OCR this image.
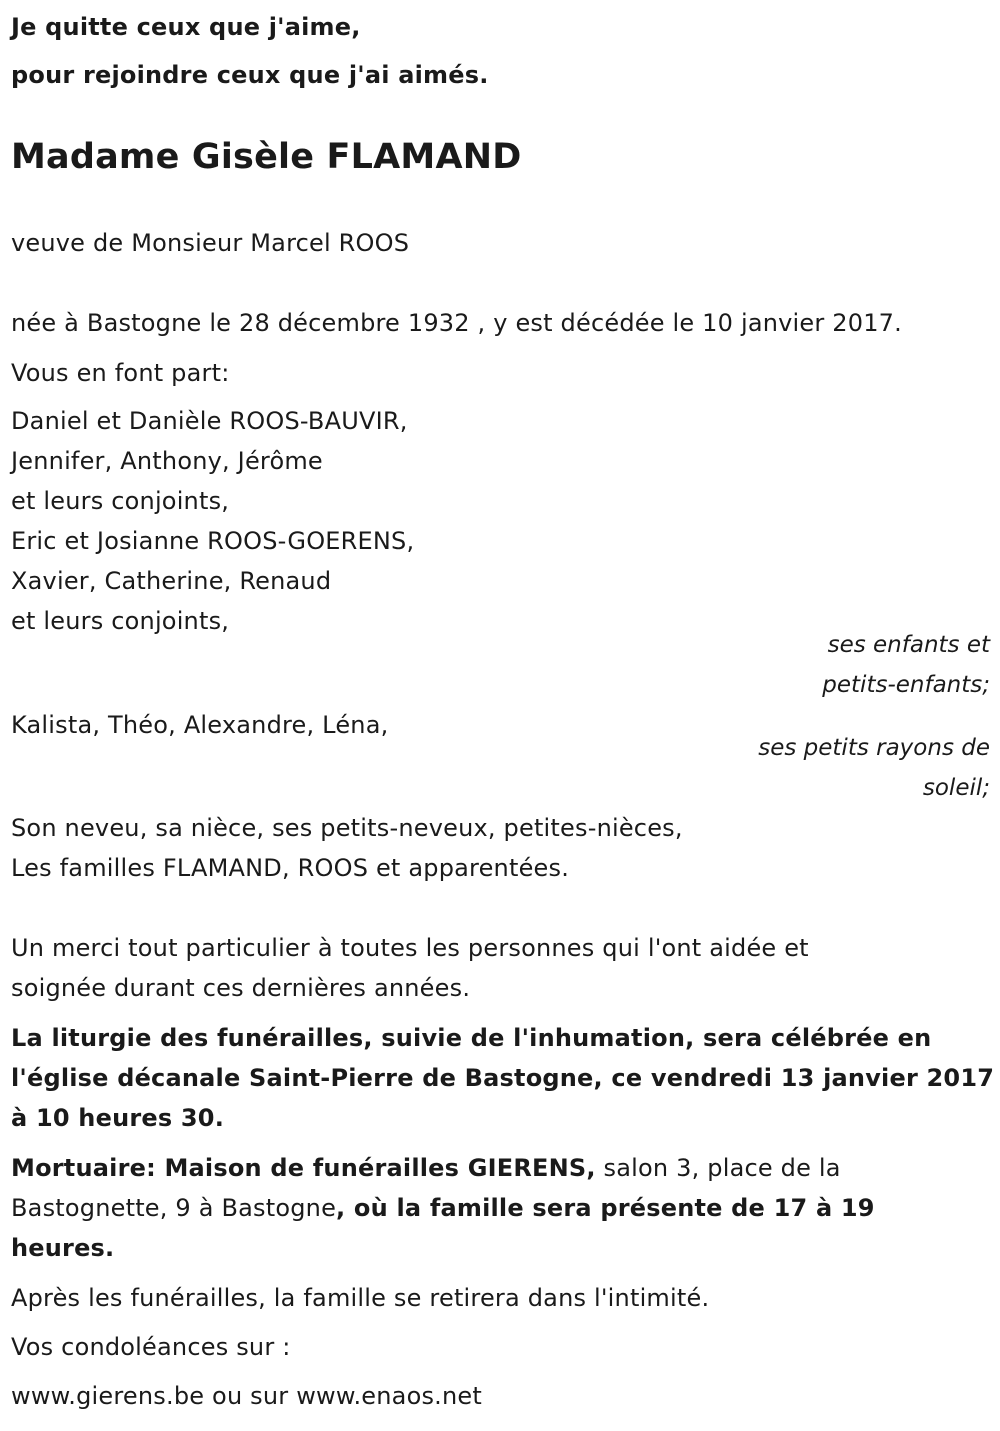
Je quitte ceux que j'aime,
pour rejoindre ceux que j'ai aimés.
Madame Gisèle FLAMAND
veuve de Monsieur Marcel ROOS
née à Bastogne le 28 décembre 1932 , y est décédée le 10 janvier 2017.
Vous en font part:
Daniel et Danièle ROOS-BAUVIR,
Jennifer, Anthony, Jérôme
et leurs conjoints,
Eric et Josianne ROOS-GOERENS,
Xavier, Catherine, Renaud
et leurs conjoints,
ses enfants et
petits-enfants;
Kalista, Théo, Alexandre, Léna,
ses petits rayons de
soleil;
Son neveu, sa nièce, ses petits-neveux, petites-nièces,
Les familles FLAMAND, ROOS et apparentées.
Un merci tout particulier à toutes les personnes qui l'ont aidée et
soignée durant ces dernières années.
La liturgie des funérailles, suivie de l'inhumation, sera célébrée en
l'église décanale Saint-Pierre de Bastogne, ce vendredi 13 janvier 2017
à 10 heures 30.
Mortuaire: Maison de funérailles GIERENS, salon 3, place de la
Bastognette, 9 à Bastogne, où la famille sera présente de 17 à 19
heures.
Après les funérailles, la famille se retirera dans l'intimité.
Vos condoléances sur :
www.gierens.be ou sur www.enaos.net
